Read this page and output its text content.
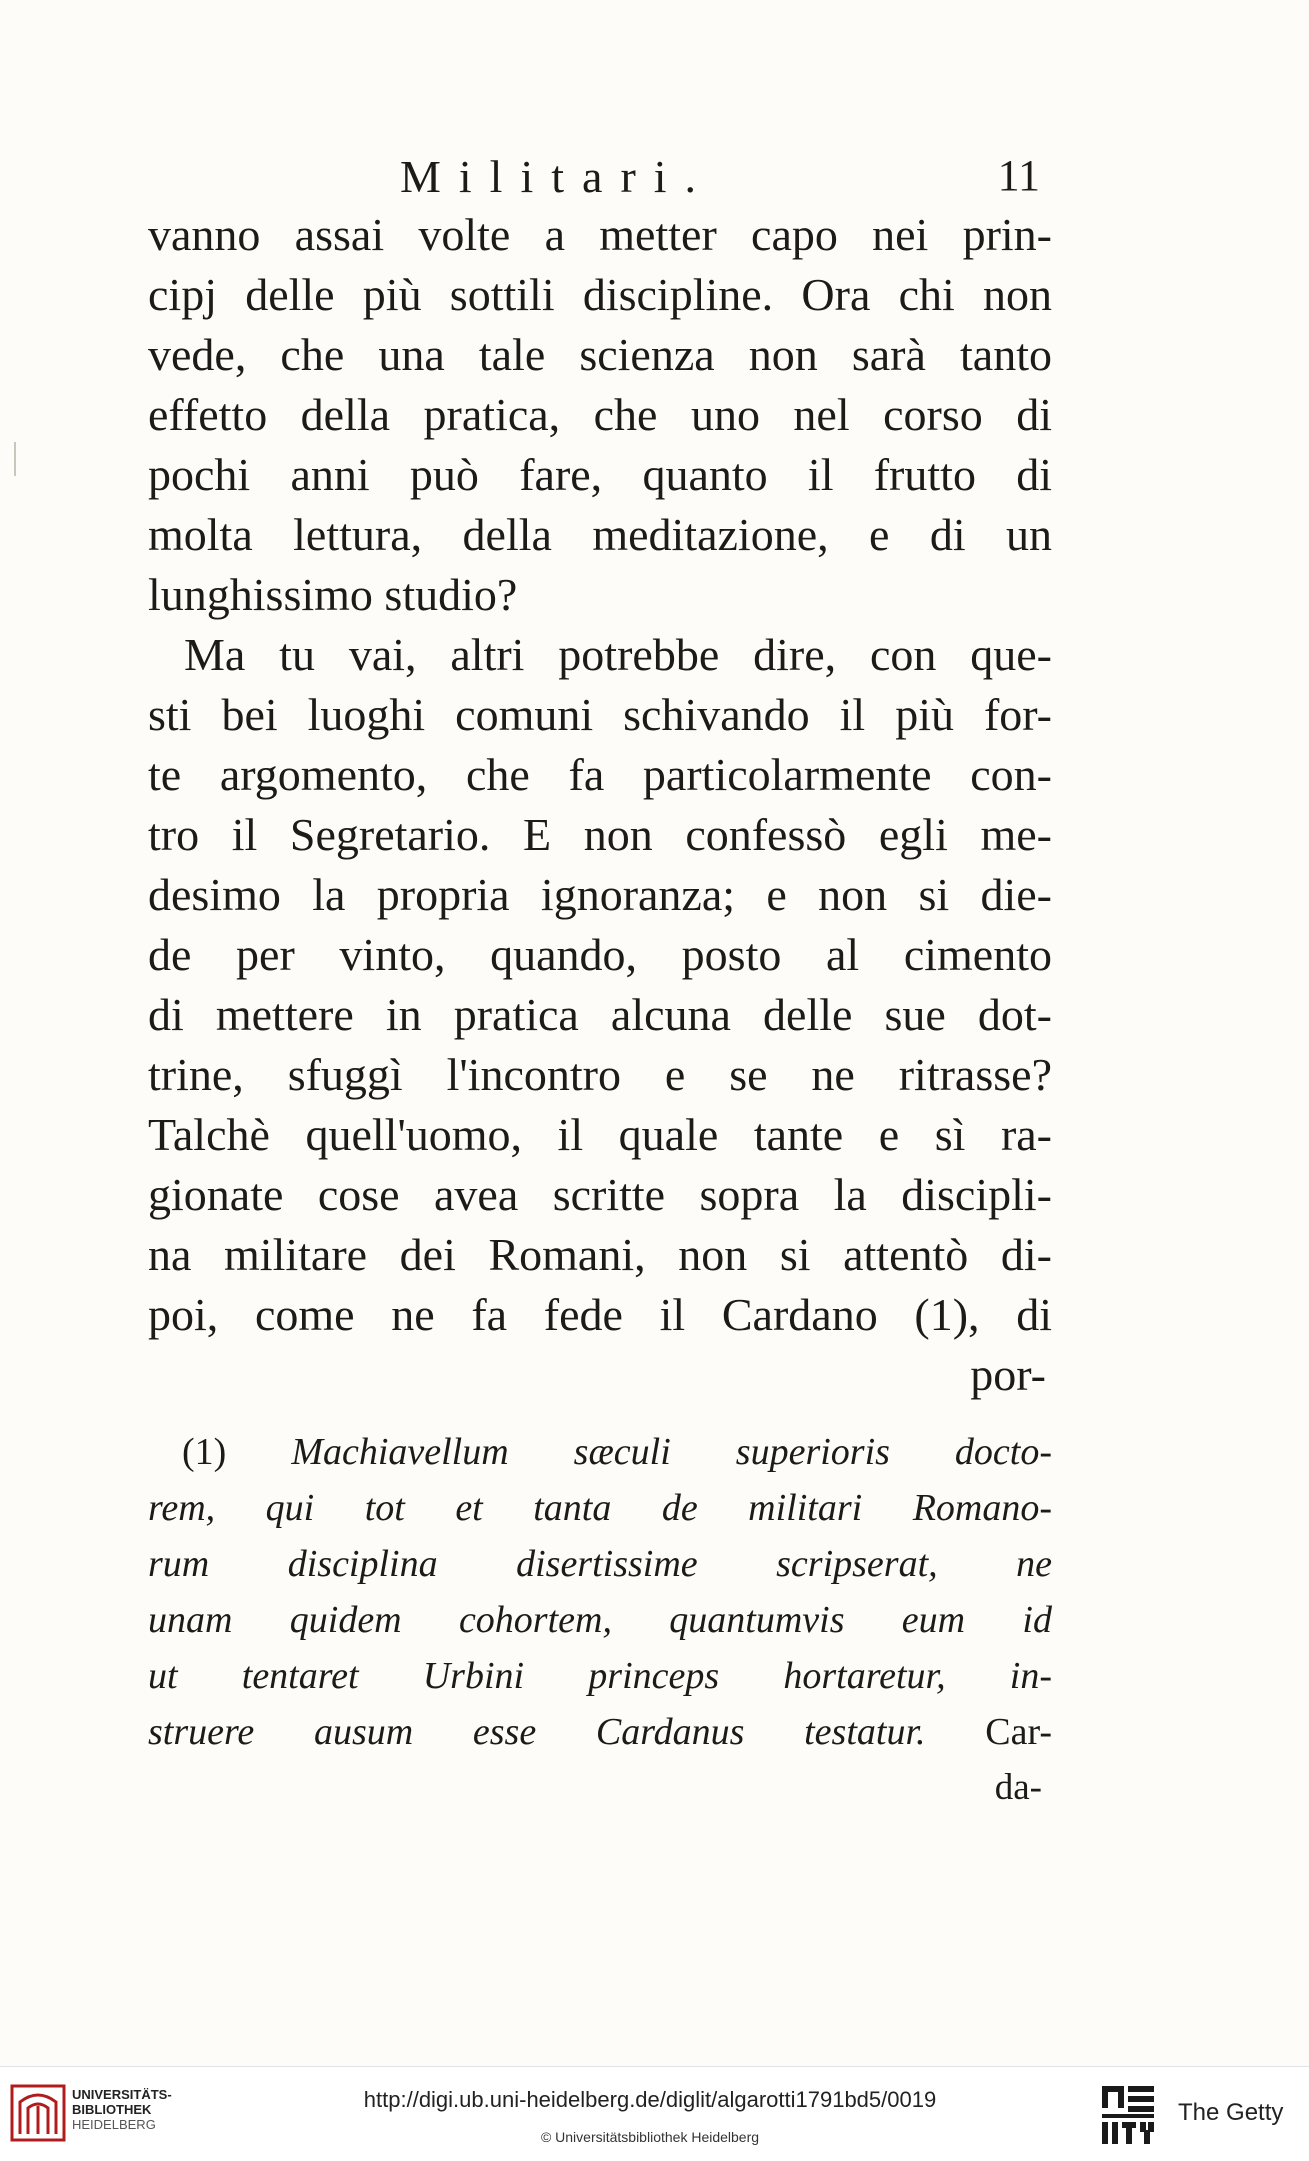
Militari.	11
vanno assai volte a metter capo nei prin-
cipj delle più sottili discipline. Ora chi non
vede, che una tale scienza non sarà tanto
effetto della pratica, che uno nel corso di
pochi anni può fare, quanto il frutto di
molta lettura, della meditazione, e di un
lunghissimo studio?
Ma tu vai, altri potrebbe dire, con que-
sti bei luoghi comuni schivando il più for-
te argomento, che fa particolarmente con-
tro il Segretario. E non confessò egli me-
desimo la propria ignoranza; e non si die-
de per vinto, quando, posto al cimento
di mettere in pratica alcuna delle sue dot-
trine, sfuggì l'incontro e se ne ritrasse?
Talchè quell'uomo, il quale tante e sì ra-
gionate cose avea scritte sopra la discipli-
na militare dei Romani, non si attentò di-
poi, come ne fa fede il Cardano (1), di
por-
(1) Machiavellum sæculi superioris docto-
rem, qui tot et tanta de militari Romano-
rum disciplina disertissime scripserat, ne
unam quidem cohortem, quantumvis eum id
ut tentaret Urbini princeps hortaretur, in-
struere ausum esse Cardanus testatur. Car-
da-
UNIVERSITÄTS-
BIBLIOTHEK
HEIDELBERG
http://digi.ub.uni-heidelberg.de/diglit/algarotti1791bd5/0019
© Universitätsbibliothek Heidelberg
The Getty
